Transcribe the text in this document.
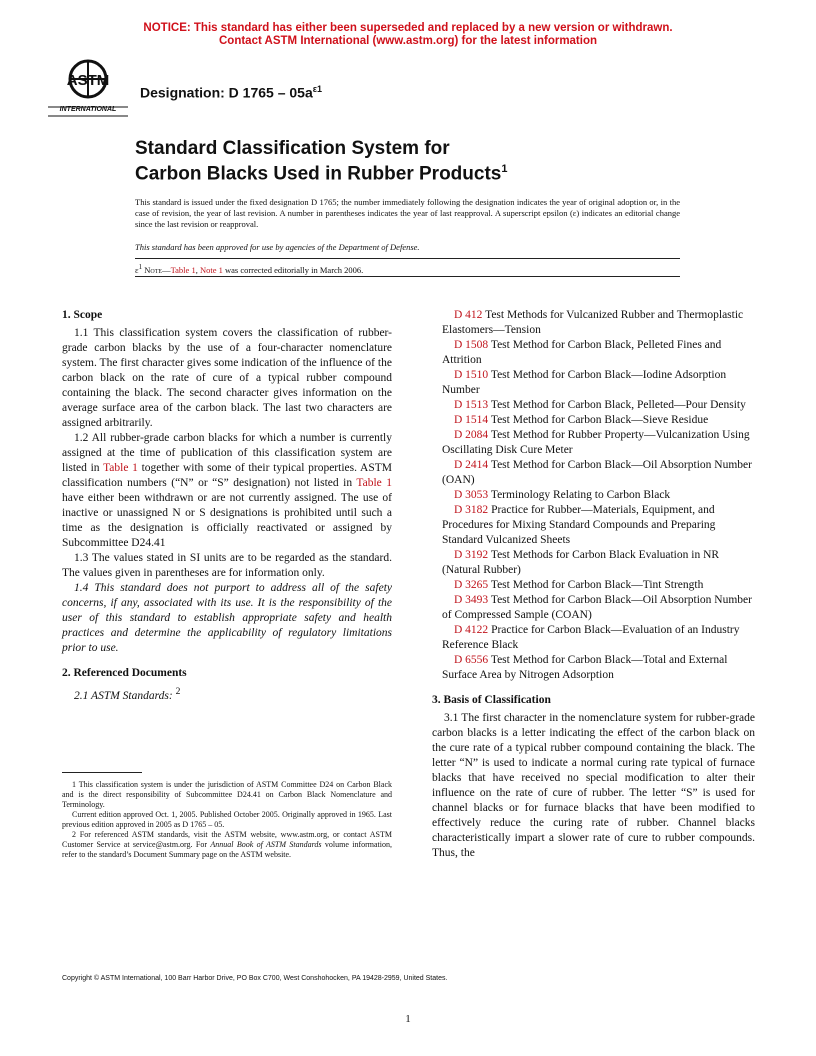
NOTICE: This standard has either been superseded and replaced by a new version or withdrawn.
Contact ASTM International (www.astm.org) for the latest information
ASTM
INTERNATIONAL
Designation: D $1765 - 05a^{\varepsilon 1}$
Standard Classification System for
Carbon Blacks Used in Rubber Products$^1$
This standard is issued under the fixed designation D 1765; the number immediately following the designation indicates the year of original adoption or, in the case of revision, the year of last revision. A number in parentheses indicates the year of last reapproval. A superscript epsilon (ε) indicates an editorial change since the last revision or reapproval.
This standard has been approved for use by agencies of the Department of Defense.
$\varepsilon^1$ Note—Table 1, Note 1 was corrected editorially in March 2006.
1. Scope

1.1 This classification system covers the classification of rubber-grade carbon blacks by the use of a four-character nomenclature system. The first character gives some indication of the influence of the carbon black on the rate of cure of a typical rubber compound containing the black. The second character gives information on the average surface area of the carbon black. The last two characters are assigned arbitrarily.

1.2 All rubber-grade carbon blacks for which a number is currently assigned at the time of publication of this classification system are listed in Table 1 together with some of their typical properties. ASTM classification numbers (“N” or “S” designation) not listed in Table 1 have either been withdrawn or are not currently assigned. The use of inactive or unassigned N or S designations is prohibited until such a time as the designation is officially reactivated or assigned by Subcommittee D24.41

1.3 The values stated in SI units are to be regarded as the standard. The values given in parentheses are for information only.

1.4 This standard does not purport to address all of the safety concerns, if any, associated with its use. It is the responsibility of the user of this standard to establish appropriate safety and health practices and determine the applicability of regulatory limitations prior to use.

2. Referenced Documents

2.1 ASTM Standards: $^2$

1 This classification system is under the jurisdiction of ASTM Committee D24 on Carbon Black and is the direct responsibility of Subcommittee D24.41 on Carbon Black Nomenclature and Terminology.

Current edition approved Oct. 1, 2005. Published October 2005. Originally approved in 1965. Last previous edition approved in 2005 as D 1765 – 05.

2 For referenced ASTM standards, visit the ASTM website, www.astm.org, or contact ASTM Customer Service at service@astm.org. For Annual Book of ASTM Standards volume information, refer to the standard’s Document Summary page on the ASTM website.

D 412 Test Methods for Vulcanized Rubber and Thermoplastic Elastomers—Tension

D 1508 Test Method for Carbon Black, Pelleted Fines and Attrition

D 1510 Test Method for Carbon Black—Iodine Adsorption Number

D 1513 Test Method for Carbon Black, Pelleted—Pour Density

D 1514 Test Method for Carbon Black—Sieve Residue

D 2084 Test Method for Rubber Property—Vulcanization Using Oscillating Disk Cure Meter

D 2414 Test Method for Carbon Black—Oil Absorption Number (OAN)

D 3053 Terminology Relating to Carbon Black

D 3182 Practice for Rubber—Materials, Equipment, and Procedures for Mixing Standard Compounds and Preparing Standard Vulcanized Sheets

D 3192 Test Methods for Carbon Black Evaluation in NR (Natural Rubber)

D 3265 Test Method for Carbon Black—Tint Strength

D 3493 Test Method for Carbon Black—Oil Absorption Number of Compressed Sample (COAN)

D 4122 Practice for Carbon Black—Evaluation of an Industry Reference Black

D 6556 Test Method for Carbon Black—Total and External Surface Area by Nitrogen Adsorption

3. Basis of Classification

3.1 The first character in the nomenclature system for rubber-grade carbon blacks is a letter indicating the effect of the carbon black on the cure rate of a typical rubber compound containing the black. The letter “N” is used to indicate a normal curing rate typical of furnace blacks that have received no special modification to alter their influence on the rate of cure of rubber. The letter “S” is used for channel blacks or for furnace blacks that have been modified to effectively reduce the curing rate of rubber. Channel blacks characteristically impart a slower rate of cure to rubber compounds. Thus, the

Copyright © ASTM International, 100 Barr Harbor Drive, PO Box C700, West Conshohocken, PA 19428-2959, United States.
1
